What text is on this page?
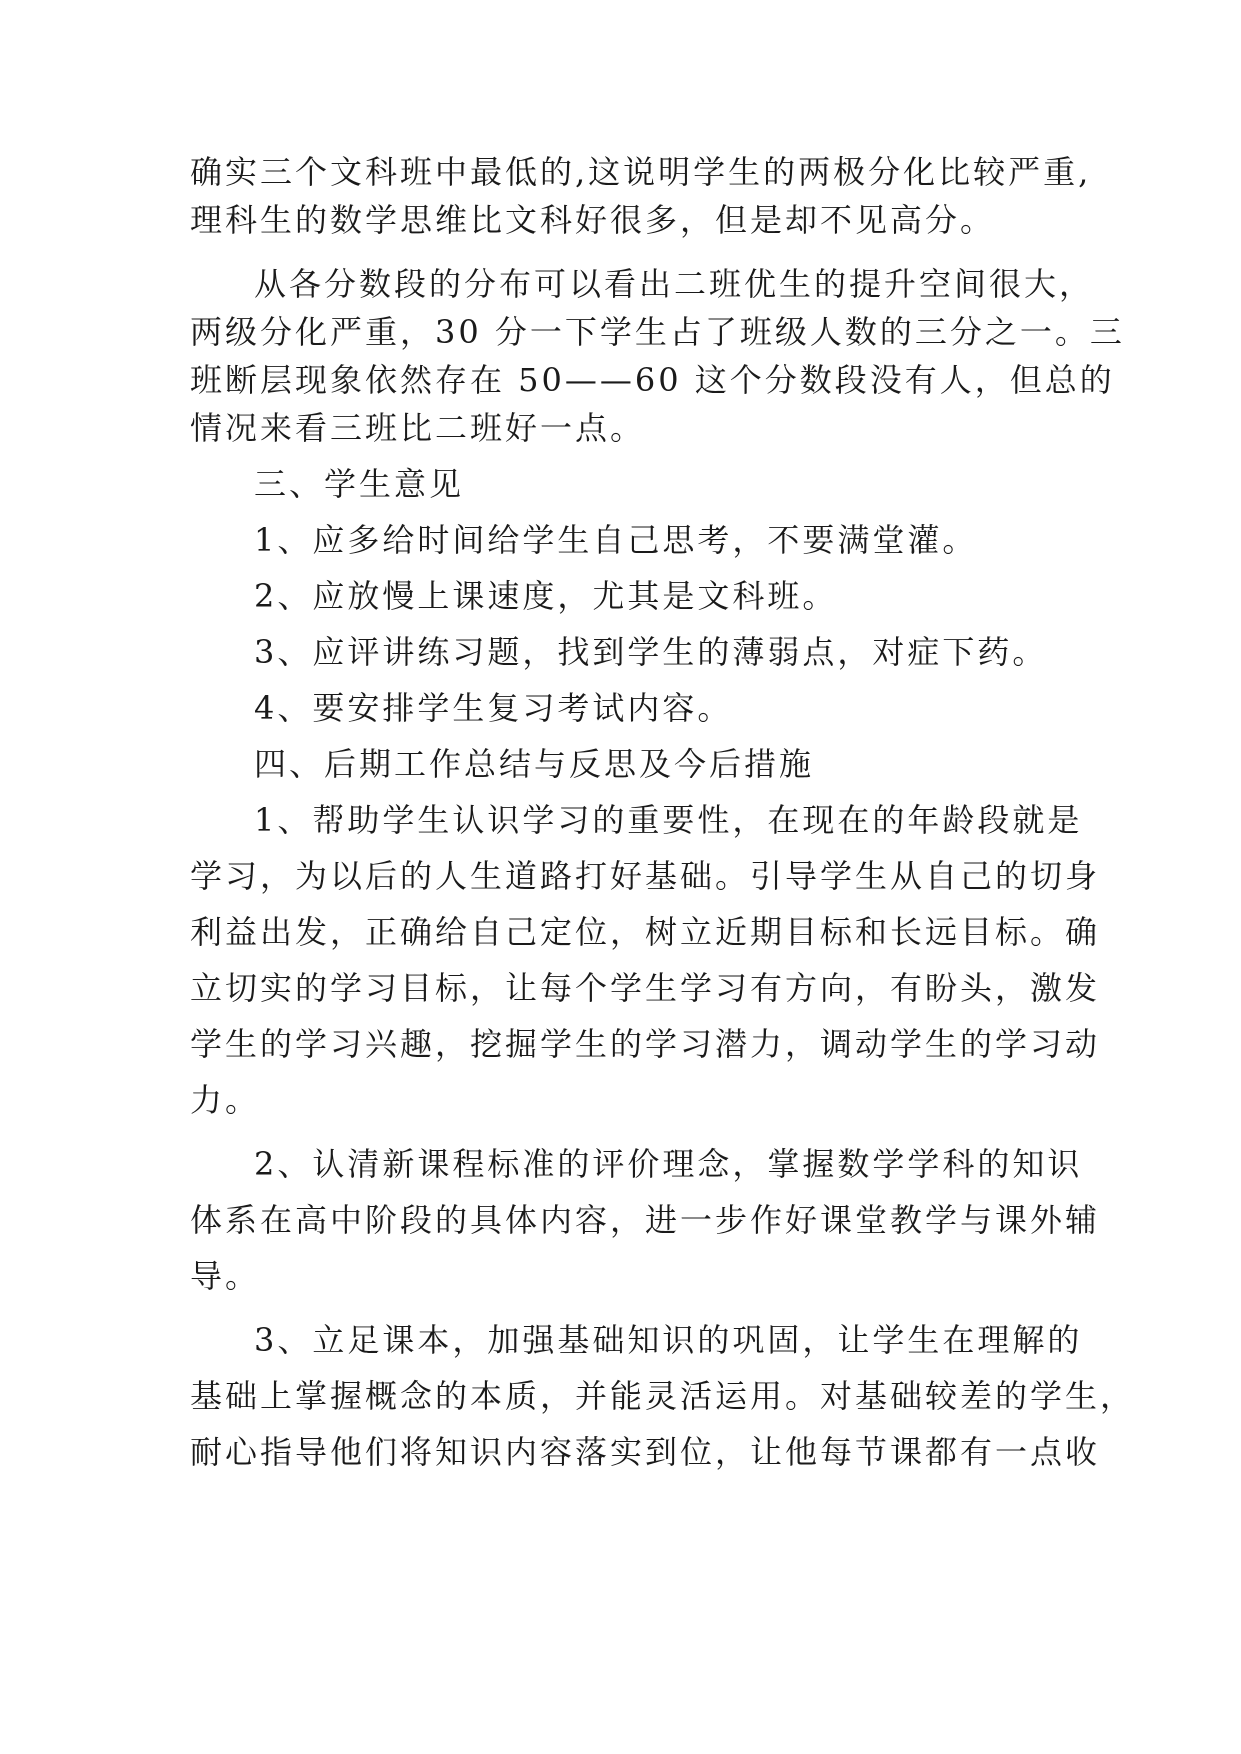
确实三个文科班中最低的,这说明学生的两极分化比较严重,
理科生的数学思维比文科好很多，但是却不见高分。
从各分数段的分布可以看出二班优生的提升空间很大，
两级分化严重，30 分一下学生占了班级人数的三分之一。三
班断层现象依然存在 50——60 这个分数段没有人，但总的
情况来看三班比二班好一点。
三、学生意见
1、应多给时间给学生自己思考，不要满堂灌。
2、应放慢上课速度，尤其是文科班。
3、应评讲练习题，找到学生的薄弱点，对症下药。
4、要安排学生复习考试内容。
四、后期工作总结与反思及今后措施
1、帮助学生认识学习的重要性，在现在的年龄段就是
学习，为以后的人生道路打好基础。引导学生从自己的切身
利益出发，正确给自己定位，树立近期目标和长远目标。确
立切实的学习目标，让每个学生学习有方向，有盼头，激发
学生的学习兴趣，挖掘学生的学习潜力，调动学生的学习动
力。
2、认清新课程标准的评价理念，掌握数学学科的知识
体系在高中阶段的具体内容，进一步作好课堂教学与课外辅
导。
3、立足课本，加强基础知识的巩固，让学生在理解的
基础上掌握概念的本质，并能灵活运用。对基础较差的学生，
耐心指导他们将知识内容落实到位，让他每节课都有一点收
